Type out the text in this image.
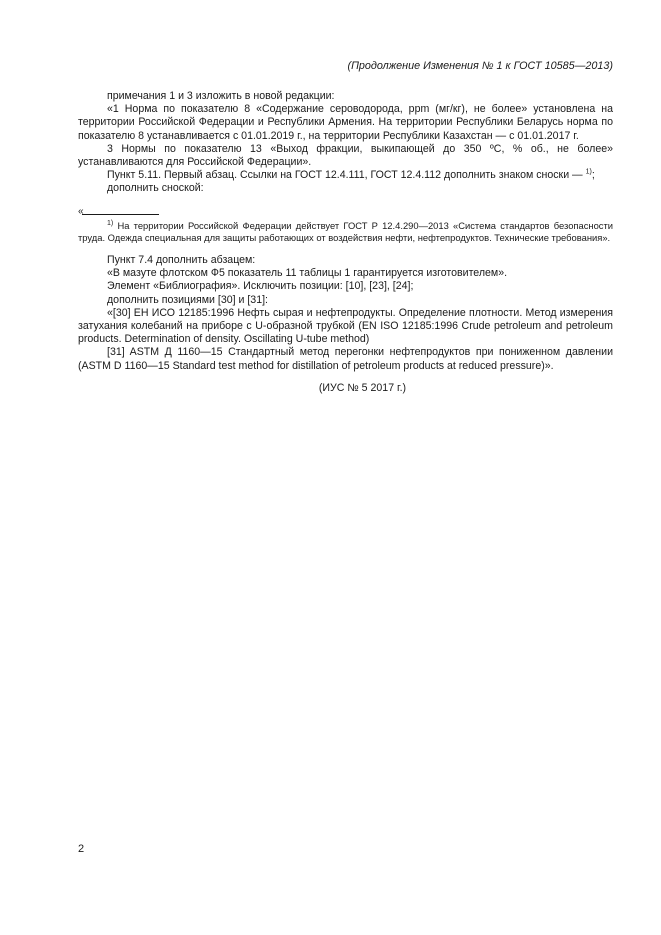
(Продолжение Изменения № 1 к ГОСТ 10585—2013)

примечания 1 и 3 изложить в новой редакции:

«1 Норма по показателю 8 «Содержание сероводорода, ppm (мг/кг), не более» установлена на территории Российской Федерации и Республики Армения. На территории Республики Беларусь норма по показателю 8 устанавливается с 01.01.2019 г., на территории Республики Казахстан — с 01.01.2017 г.

3 Нормы по показателю 13 «Выход фракции, выкипающей до 350 ºС, % об., не более» устанавливаются для Российской Федерации».

Пункт 5.11. Первый абзац. Ссылки на ГОСТ 12.4.111, ГОСТ 12.4.112 дополнить знаком сноски — $^{1)}$;

дополнить сноской:

«

$^{1)}$ На территории Российской Федерации действует ГОСТ Р 12.4.290—2013 «Система стандартов безопасности труда. Одежда специальная для защиты работающих от воздействия нефти, нефтепродуктов. Технические требования».

Пункт 7.4 дополнить абзацем:

«В мазуте флотском Ф5 показатель 11 таблицы 1 гарантируется изготовителем».

Элемент «Библиография». Исключить позиции: [10], [23], [24];

дополнить позициями [30] и [31]:

«[30] ЕН ИСО 12185:1996 Нефть сырая и нефтепродукты. Определение плотности. Метод измерения затухания колебаний на приборе с U-образной трубкой (EN ISO 12185:1996 Crude petroleum and petroleum products. Determination of density. Oscillating U-tube method)

[31] ASTM Д 1160—15 Стандартный метод перегонки нефтепродуктов при пониженном давлении (ASTM D 1160—15 Standard test method for distillation of petroleum products at reduced pressure)».

(ИУС № 5 2017 г.)
2
